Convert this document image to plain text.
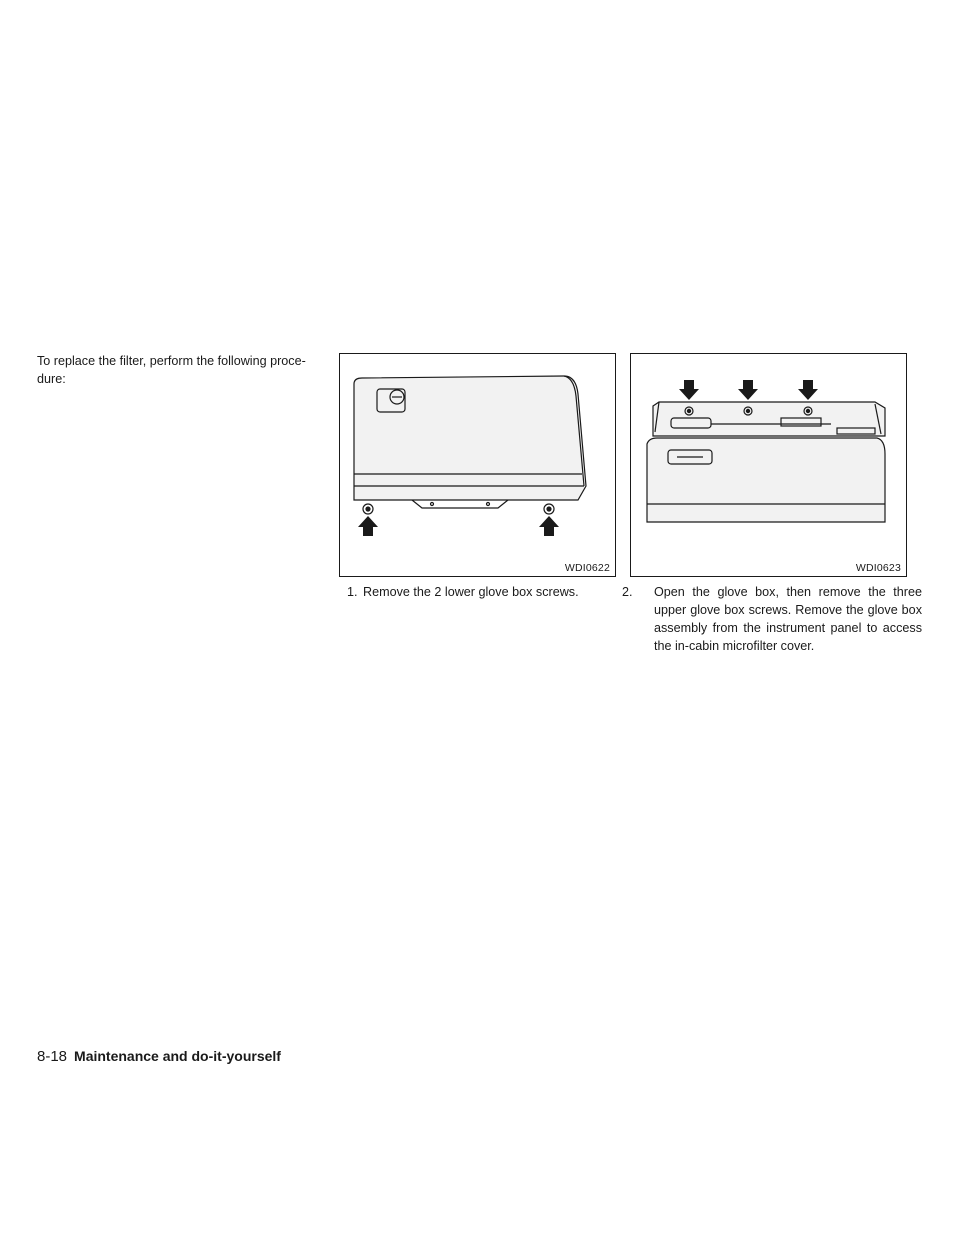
To replace the filter, perform the following proce-dure:

WDI0622	WDI0623

1. Remove the 2 lower glove box screws.	2. Open the glove box, then remove the three upper glove box screws. Remove the glove box assembly from the instrument panel to access the in-cabin microfilter cover.

8-18 Maintenance and do-it-yourself
